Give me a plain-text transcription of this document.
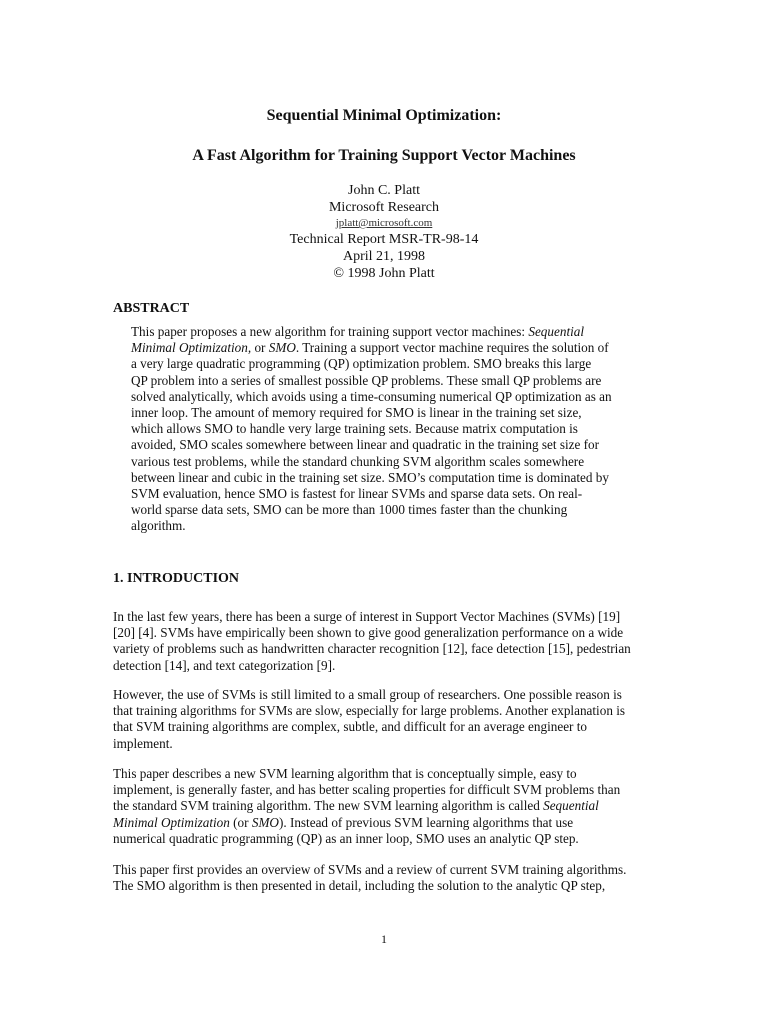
Sequential Minimal Optimization:
A Fast Algorithm for Training Support Vector Machines
John C. Platt
Microsoft Research
jplatt@microsoft.com
Technical Report MSR-TR-98-14
April 21, 1998
© 1998 John Platt
ABSTRACT
This paper proposes a new algorithm for training support vector machines: Sequential
Minimal Optimization, or SMO. Training a support vector machine requires the solution of
a very large quadratic programming (QP) optimization problem. SMO breaks this large
QP problem into a series of smallest possible QP problems. These small QP problems are
solved analytically, which avoids using a time-consuming numerical QP optimization as an
inner loop. The amount of memory required for SMO is linear in the training set size,
which allows SMO to handle very large training sets. Because matrix computation is
avoided, SMO scales somewhere between linear and quadratic in the training set size for
various test problems, while the standard chunking SVM algorithm scales somewhere
between linear and cubic in the training set size. SMO’s computation time is dominated by
SVM evaluation, hence SMO is fastest for linear SVMs and sparse data sets. On real-
world sparse data sets, SMO can be more than 1000 times faster than the chunking
algorithm.
1. INTRODUCTION
In the last few years, there has been a surge of interest in Support Vector Machines (SVMs) [19]
[20] [4]. SVMs have empirically been shown to give good generalization performance on a wide
variety of problems such as handwritten character recognition [12], face detection [15], pedestrian
detection [14], and text categorization [9].
However, the use of SVMs is still limited to a small group of researchers. One possible reason is
that training algorithms for SVMs are slow, especially for large problems. Another explanation is
that SVM training algorithms are complex, subtle, and difficult for an average engineer to
implement.
This paper describes a new SVM learning algorithm that is conceptually simple, easy to
implement, is generally faster, and has better scaling properties for difficult SVM problems than
the standard SVM training algorithm. The new SVM learning algorithm is called Sequential
Minimal Optimization (or SMO). Instead of previous SVM learning algorithms that use
numerical quadratic programming (QP) as an inner loop, SMO uses an analytic QP step.
This paper first provides an overview of SVMs and a review of current SVM training algorithms.
The SMO algorithm is then presented in detail, including the solution to the analytic QP step,
1
